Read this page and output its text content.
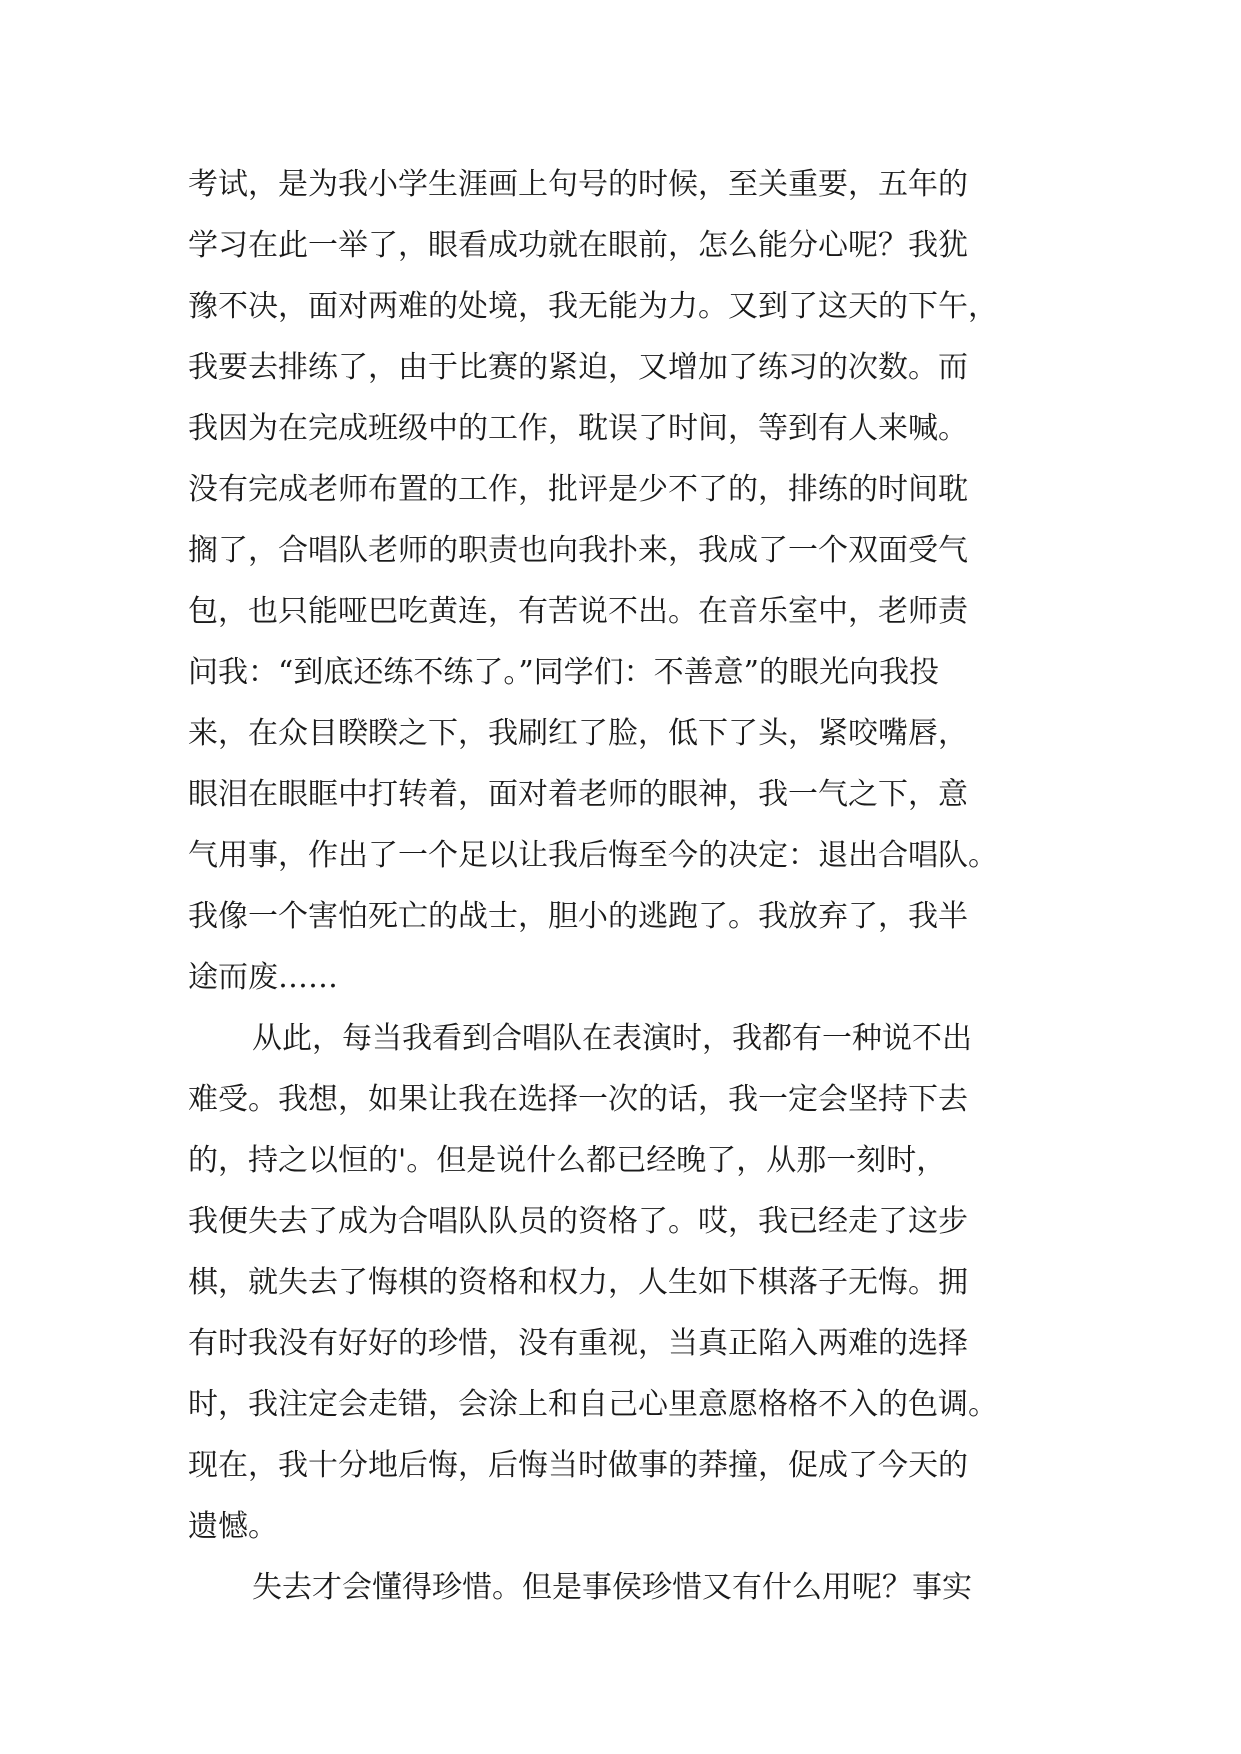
考试，是为我小学生涯画上句号的时候，至关重要，五年的
学习在此一举了，眼看成功就在眼前，怎么能分心呢？我犹
豫不决，面对两难的处境，我无能为力。又到了这天的下午，
我要去排练了，由于比赛的紧迫，又增加了练习的次数。而
我因为在完成班级中的工作，耽误了时间，等到有人来喊。
没有完成老师布置的工作，批评是少不了的，排练的时间耽
搁了，合唱队老师的职责也向我扑来，我成了一个双面受气
包，也只能哑巴吃黄连，有苦说不出。在音乐室中，老师责
问我：“到底还练不练了。”同学们：不善意”的眼光向我投
来，在众目睽睽之下，我刷红了脸，低下了头，紧咬嘴唇，
眼泪在眼眶中打转着，面对着老师的眼神，我一气之下，意
气用事，作出了一个足以让我后悔至今的决定：退出合唱队。
我像一个害怕死亡的战士，胆小的逃跑了。我放弃了，我半
途而废……
从此，每当我看到合唱队在表演时，我都有一种说不出
难受。我想，如果让我在选择一次的话，我一定会坚持下去
的，持之以恒的'。但是说什么都已经晚了，从那一刻时，
我便失去了成为合唱队队员的资格了。哎，我已经走了这步
棋，就失去了悔棋的资格和权力，人生如下棋落子无悔。拥
有时我没有好好的珍惜，没有重视，当真正陷入两难的选择
时，我注定会走错，会涂上和自己心里意愿格格不入的色调。
现在，我十分地后悔，后悔当时做事的莽撞，促成了今天的
遗憾。
失去才会懂得珍惜。但是事侯珍惜又有什么用呢？事实
